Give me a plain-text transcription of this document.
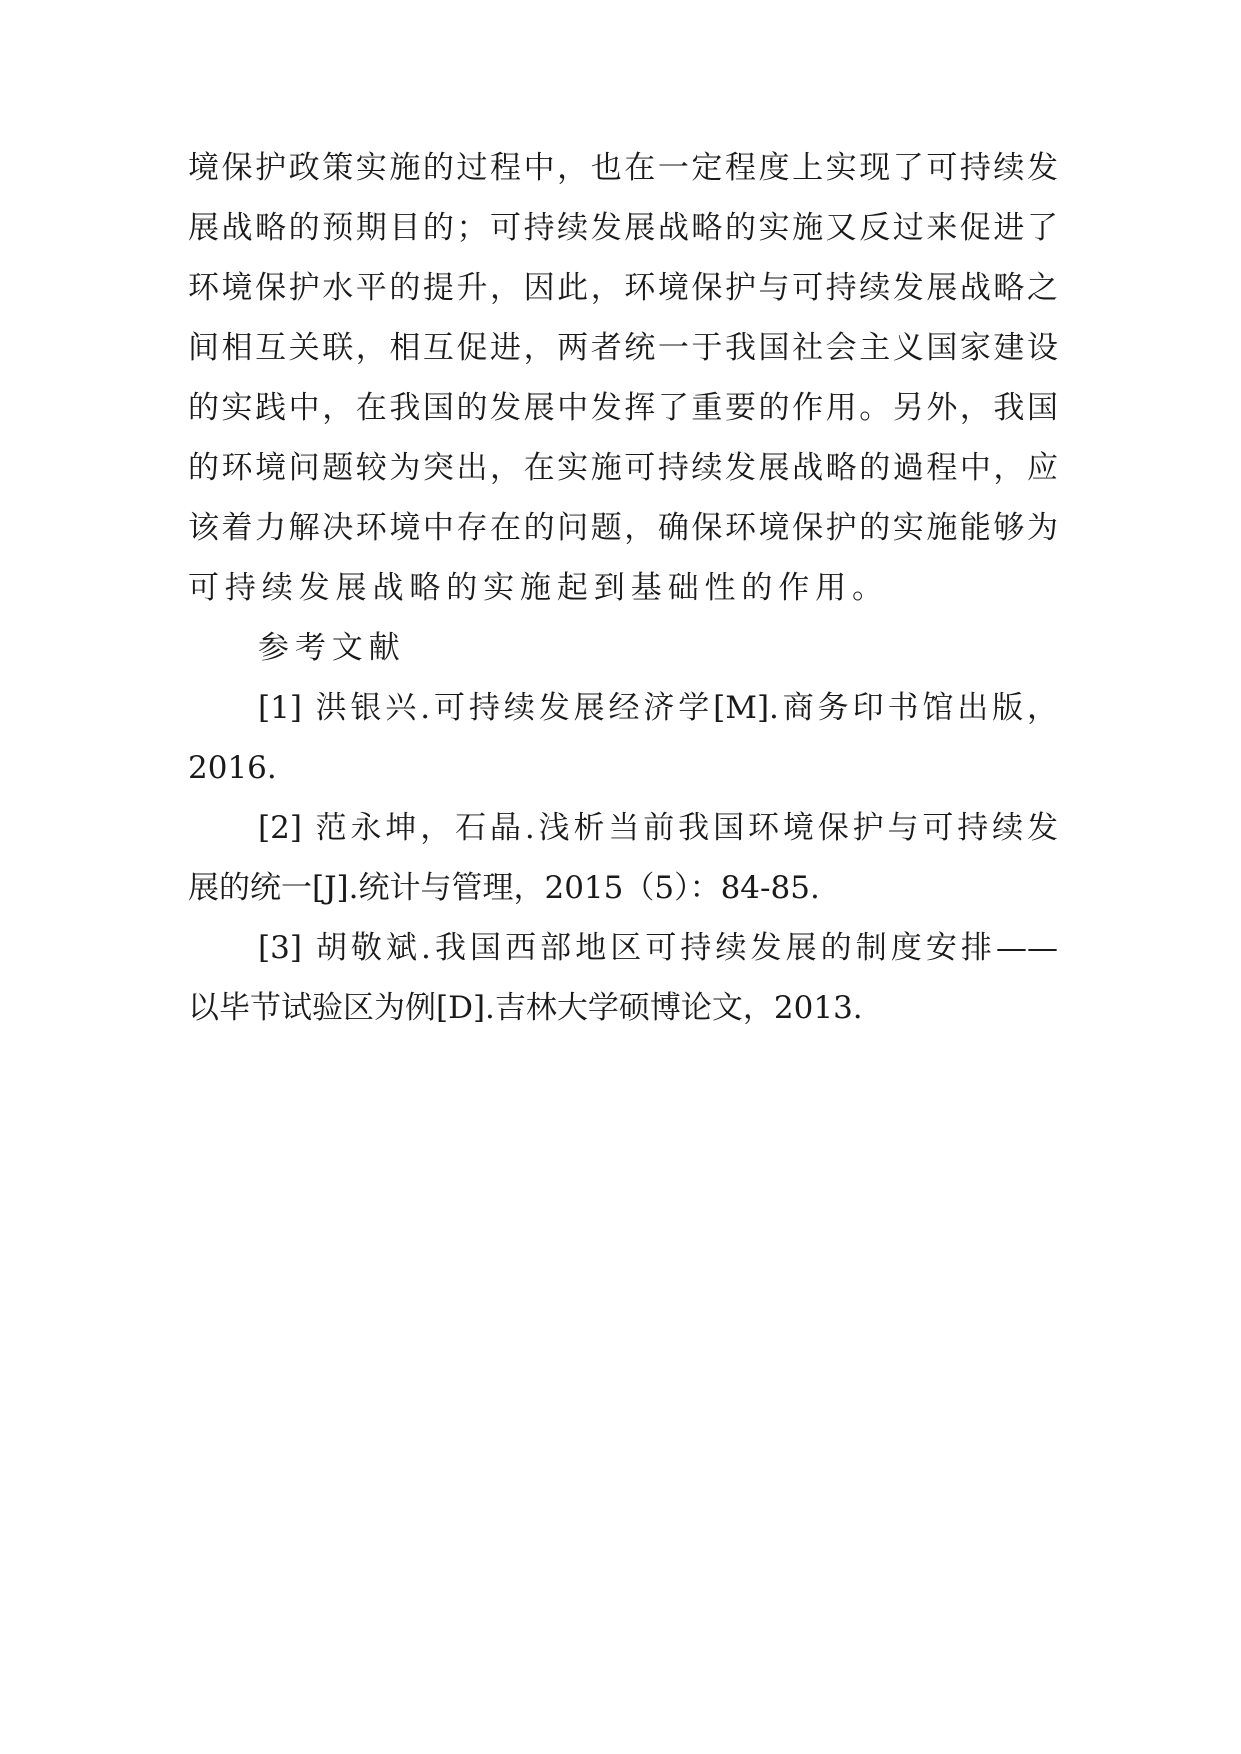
境保护政策实施的过程中，也在一定程度上实现了可持续发
展战略的预期目的；可持续发展战略的实施又反过来促进了
环境保护水平的提升，因此，环境保护与可持续发展战略之
间相互关联，相互促进，两者统一于我国社会主义国家建设
的实践中，在我国的发展中发挥了重要的作用。另外，我国
的环境问题较为突出，在实施可持续发展战略的過程中，应
该着力解决环境中存在的问题，确保环境保护的实施能够为
可持续发展战略的实施起到基础性的作用。
参考文献
[1] 洪银兴.可持续发展经济学[M].商务印书馆出版，
2016.
[2] 范永坤，石晶.浅析当前我国环境保护与可持续发
展的统一[J].统计与管理，2015（5）：84-85.
[3] 胡敬斌.我国西部地区可持续发展的制度安排——
以毕节试验区为例[D].吉林大学硕博论文，2013.
